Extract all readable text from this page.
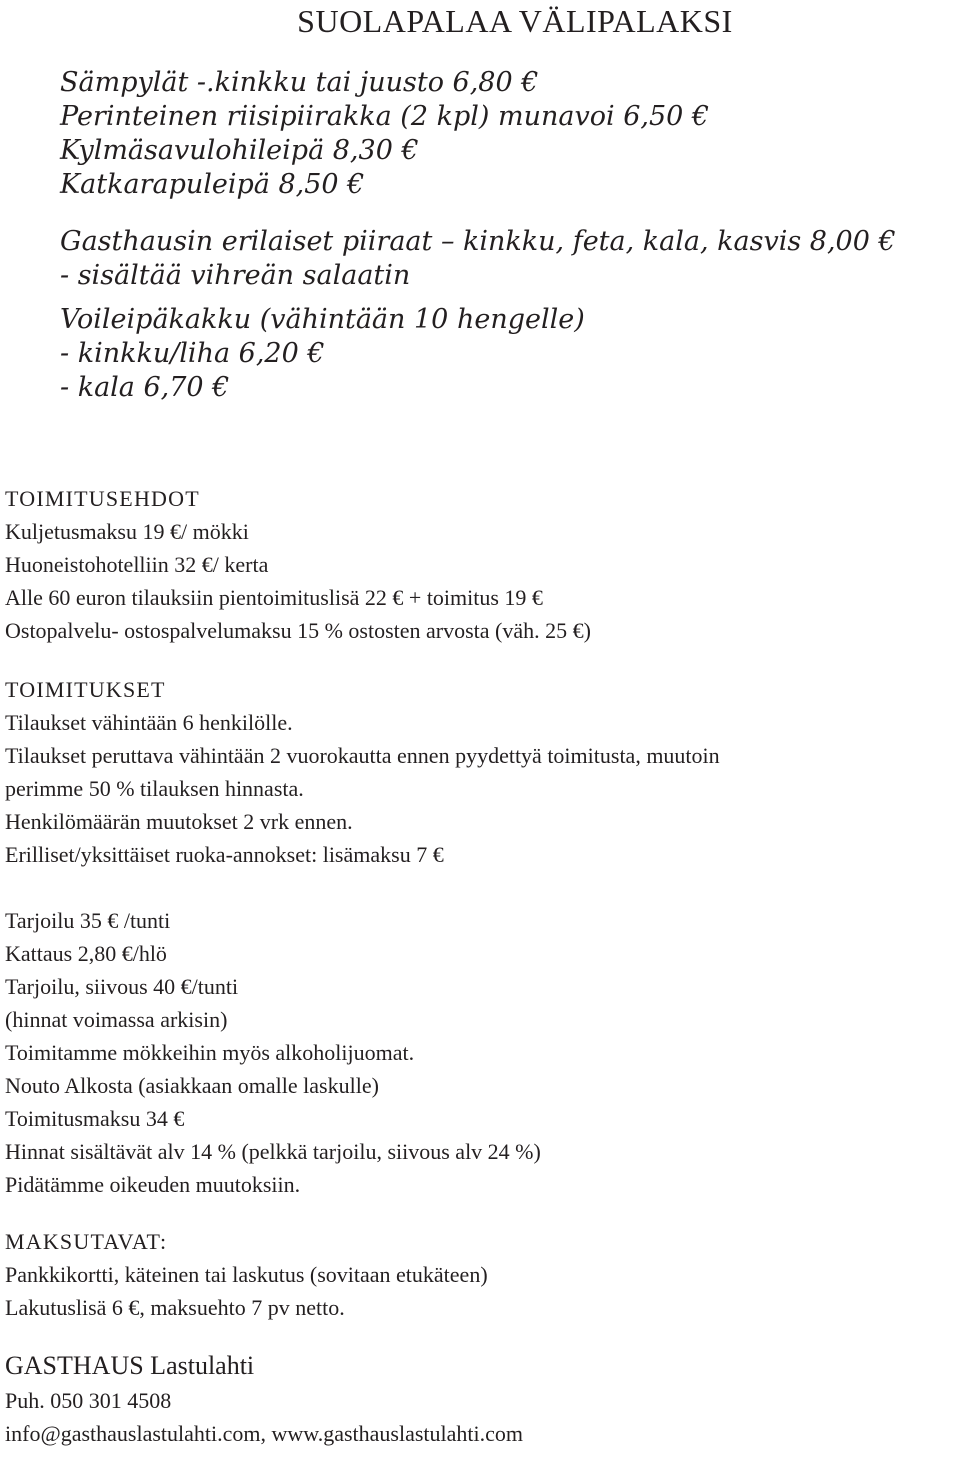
SUOLAPALAA VÄLIPALAKSI
Sämpylät -.kinkku tai juusto 6,80 €
Perinteinen riisipiirakka (2 kpl) munavoi 6,50 €
Kylmäsavulohileipä 8,30 €
Katkarapuleipä 8,50 €
Gasthausin erilaiset piiraat – kinkku, feta, kala, kasvis 8,00 €
- sisältää vihreän salaatin
Voileipäkakku (vähintään 10 hengelle)
- kinkku/liha 6,20 €
- kala 6,70 €
TOIMITUSEHDOT
Kuljetusmaksu 19 €/ mökki
Huoneistohotelliin 32 €/ kerta
Alle 60 euron tilauksiin pientoimituslisä 22 € + toimitus 19 €
Ostopalvelu- ostospalvelumaksu 15 % ostosten arvosta (väh. 25 €)
TOIMITUKSET
Tilaukset vähintään 6 henkilölle.
Tilaukset peruttava vähintään 2 vuorokautta ennen pyydettyä toimitusta, muutoin
perimme 50 % tilauksen hinnasta.
Henkilömäärän muutokset 2 vrk ennen.
Erilliset/yksittäiset ruoka-annokset: lisämaksu 7 €
Tarjoilu 35 € /tunti
Kattaus 2,80 €/hlö
Tarjoilu, siivous 40 €/tunti
(hinnat voimassa arkisin)
Toimitamme mökkeihin myös alkoholijuomat.
Nouto Alkosta (asiakkaan omalle laskulle)
Toimitusmaksu 34 €
Hinnat sisältävät alv 14 % (pelkkä tarjoilu, siivous alv 24 %)
Pidätämme oikeuden muutoksiin.
MAKSUTAVAT:
Pankkikortti, käteinen tai laskutus (sovitaan etukäteen)
Lakutuslisä 6 €, maksuehto 7 pv netto.
GASTHAUS Lastulahti
Puh. 050 301 4508
info@gasthauslastulahti.com, www.gasthauslastulahti.com
